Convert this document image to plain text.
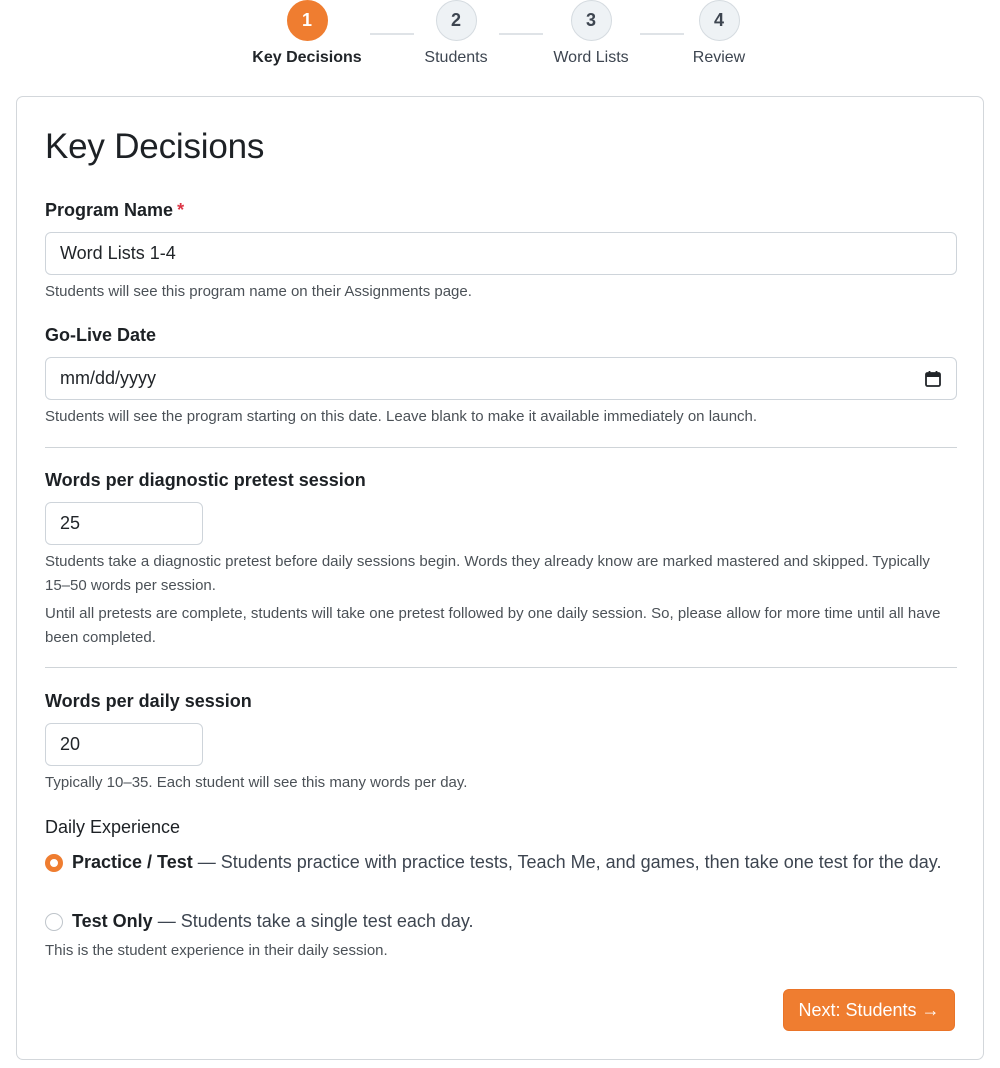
1
Key Decisions
2
Students
3
Word Lists
4
Review
Key Decisions
Program Name *
Word Lists 1-4
Students will see this program name on their Assignments page.
Go-Live Date
mm/dd/yyyy
Students will see the program starting on this date. Leave blank to make it available immediately on launch.
Words per diagnostic pretest session
25
Students take a diagnostic pretest before daily sessions begin. Words they already know are marked mastered and skipped. Typically 15–50 words per session.
Until all pretests are complete, students will take one pretest followed by one daily session. So, please allow for more time until all have been completed.
Words per daily session
20
Typically 10–35. Each student will see this many words per day.
Daily Experience
Practice / Test — Students practice with practice tests, Teach Me, and games, then take one test for the day.
Test Only — Students take a single test each day.
This is the student experience in their daily session.
Next: Students →
